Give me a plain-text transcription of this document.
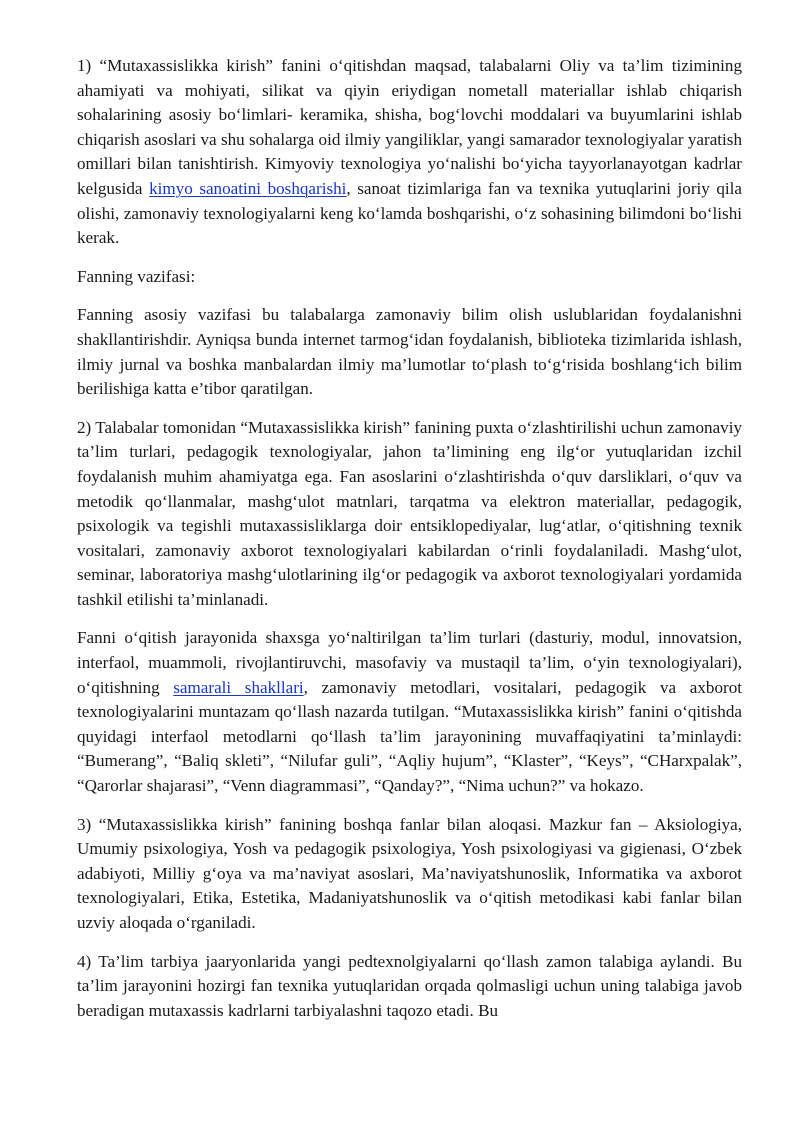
1) “Mutaxassislikka kirish” fanini o‘qitishdan maqsad, talabalarni Oliy va ta’lim tizimining ahamiyati va mohiyati, silikat va qiyin eriydigan nometall materiallar ishlab chiqarish sohalarining asosiy bo‘limlari- keramika, shisha, bog‘lovchi moddalari va buyumlarini ishlab chiqarish asoslari va shu sohalarga oid ilmiy yangiliklar, yangi samarador texnologiyalar yaratish omillari bilan tanishtirish. Kimyoviy texnologiya yo‘nalishi bo‘yicha tayyorlanayotgan kadrlar kelgusida kimyo sanoatini boshqarishi, sanoat tizimlariga fan va texnika yutuqlarini joriy qila olishi, zamonaviy texnologiyalarni keng ko‘lamda boshqarishi, o‘z sohasining bilimdoni bo‘lishi kerak.

Fanning vazifasi:

Fanning asosiy vazifasi bu talabalarga zamonaviy bilim olish uslublaridan foydalanishni shakllantirishdir. Ayniqsa bunda internet tarmog‘idan foydalanish, biblioteka tizimlarida ishlash, ilmiy jurnal va boshka manbalardan ilmiy ma’lumotlar to‘plash to‘g‘risida boshlang‘ich bilim berilishiga katta e’tibor qaratilgan.

2) Talabalar tomonidan “Mutaxassislikka kirish” fanining puxta o‘zlashtirilishi uchun zamonaviy ta’lim turlari, pedagogik texnologiyalar, jahon ta’limining eng ilg‘or yutuqlaridan izchil foydalanish muhim ahamiyatga ega. Fan asoslarini o‘zlashtirishda o‘quv darsliklari, o‘quv va metodik qo‘llanmalar, mashg‘ulot matnlari, tarqatma va elektron materiallar, pedagogik, psixologik va tegishli mutaxassisliklarga doir entsiklopediyalar, lug‘atlar, o‘qitishning texnik vositalari, zamonaviy axborot texnologiyalari kabilardan o‘rinli foydalaniladi. Mashg‘ulot, seminar, laboratoriya mashg‘ulotlarining ilg‘or pedagogik va axborot texnologiyalari yordamida tashkil etilishi ta’minlanadi.

Fanni o‘qitish jarayonida shaxsga yo‘naltirilgan ta’lim turlari (dasturiy, modul, innovatsion, interfaol, muammoli, rivojlantiruvchi, masofaviy va mustaqil ta’lim, o‘yin texnologiyalari), o‘qitishning samarali shakllari, zamonaviy metodlari, vositalari, pedagogik va axborot texnologiyalarini muntazam qo‘llash nazarda tutilgan. “Mutaxassislikka kirish” fanini o‘qitishda quyidagi interfaol metodlarni qo‘llash ta’lim jarayonining muvaffaqiyatini ta’minlaydi: “Bumerang”, “Baliq skleti”, “Nilufar guli”, “Aqliy hujum”, “Klaster”, “Keys”, “CHarxpalak”, “Qarorlar shajarasi”, “Venn diagrammasi”, “Qanday?”, “Nima uchun?” va hokazo.

3) “Mutaxassislikka kirish” fanining boshqa fanlar bilan aloqasi. Mazkur fan – Aksiologiya, Umumiy psixologiya, Yosh va pedagogik psixologiya, Yosh psixologiyasi va gigienasi, O‘zbek adabiyoti, Milliy g‘oya va ma’naviyat asoslari, Ma’naviyatshunoslik, Informatika va axborot texnologiyalari, Etika, Estetika, Madaniyatshunoslik va o‘qitish metodikasi kabi fanlar bilan uzviy aloqada o‘rganiladi.

4) Ta’lim tarbiya jaaryonlarida yangi pedtexnolgiyalarni qo‘llash zamon talabiga aylandi. Bu ta’lim jarayonini hozirgi fan texnika yutuqlaridan orqada qolmasligi uchun uning talabiga javob beradigan mutaxassis kadrlarni tarbiyalashni taqozo etadi. Bu
